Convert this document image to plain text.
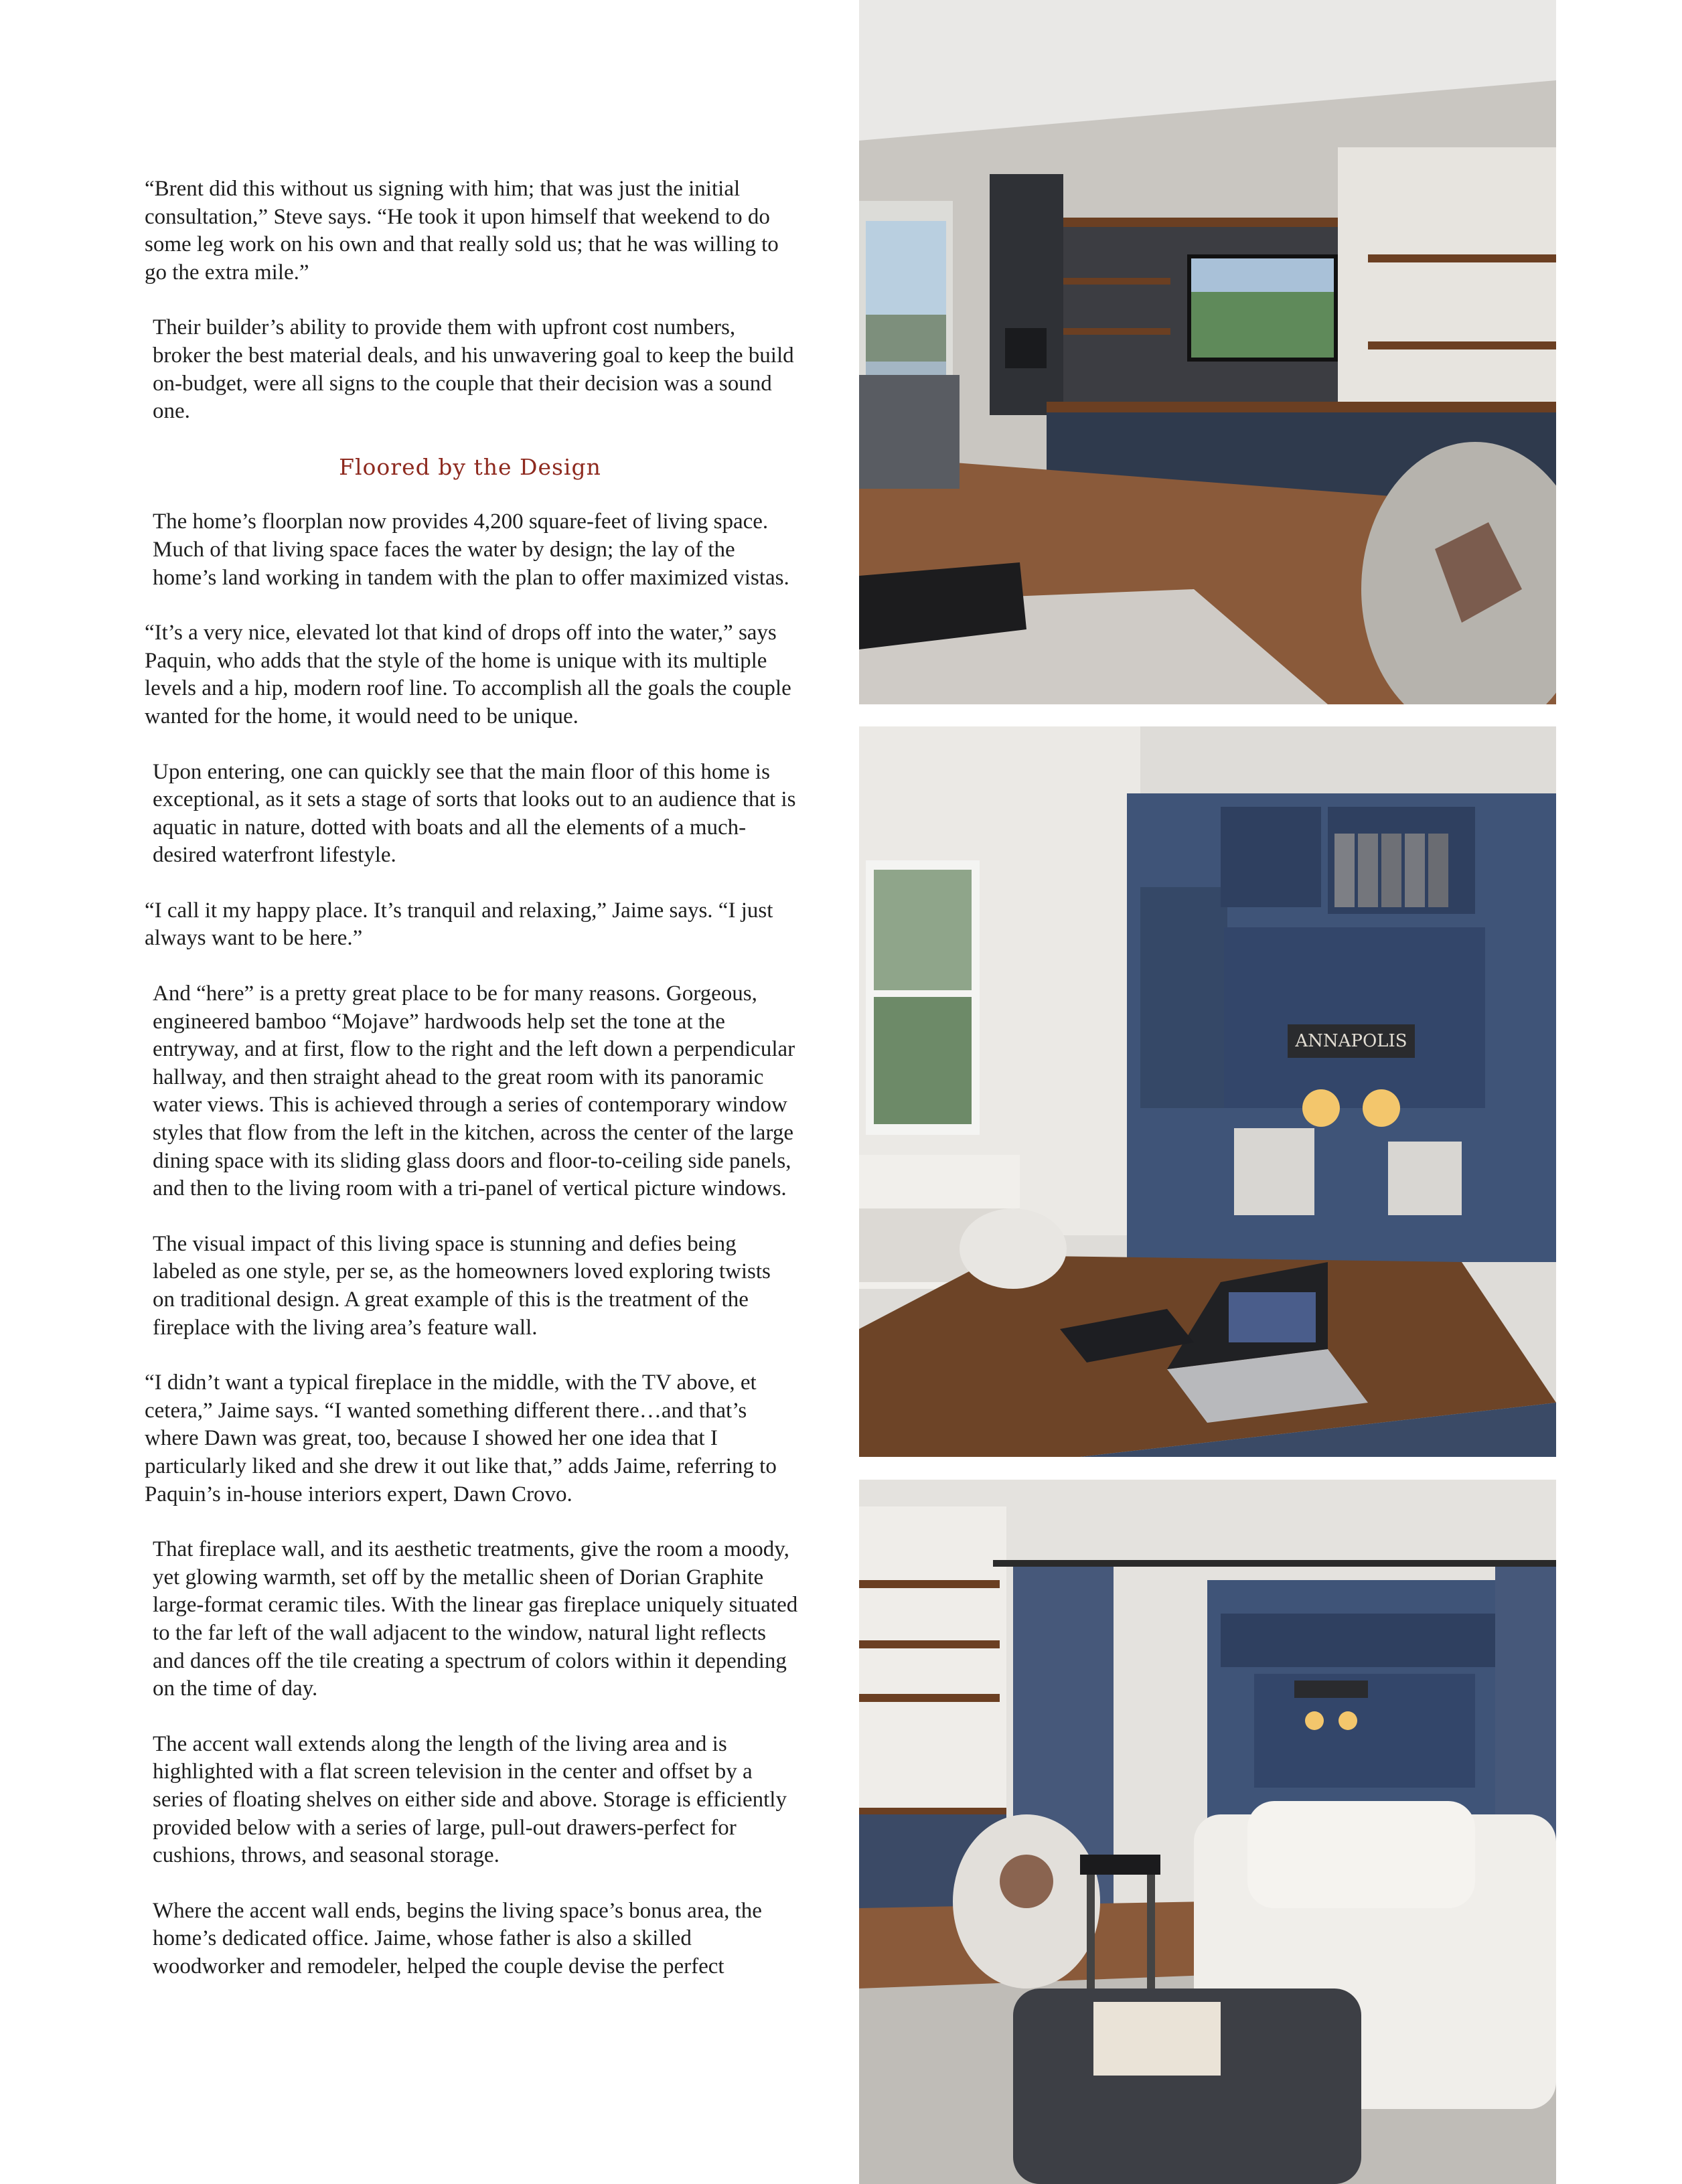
“Brent did this without us signing with him; that was just the initial consultation,” Steve says. “He took it upon himself that weekend to do some leg work on his own and that really sold us; that he was willing to go the extra mile.”

Their builder’s ability to provide them with upfront cost numbers, broker the best material deals, and his unwavering goal to keep the build on-budget, were all signs to the couple that their decision was a sound one.

Floored by the Design

The home’s floorplan now provides 4,200 square-feet of living space. Much of that living space faces the water by design; the lay of the home’s land working in tandem with the plan to offer maximized vistas.

“It’s a very nice, elevated lot that kind of drops off into the water,” says Paquin, who adds that the style of the home is unique with its multiple levels and a hip, modern roof line. To accomplish all the goals the couple wanted for the home, it would need to be unique.

Upon entering, one can quickly see that the main floor of this home is exceptional, as it sets a stage of sorts that looks out to an audience that is aquatic in nature, dotted with boats and all the elements of a much-desired waterfront lifestyle.

“I call it my happy place. It’s tranquil and relaxing,” Jaime says. “I just always want to be here.”

And “here” is a pretty great place to be for many reasons. Gorgeous, engineered bamboo “Mojave” hardwoods help set the tone at the entryway, and at first, flow to the right and the left down a perpendicular hallway, and then straight ahead to the great room with its panoramic water views. This is achieved through a series of contemporary window styles that flow from the left in the kitchen, across the center of the large dining space with its sliding glass doors and floor-to-ceiling side panels, and then to the living room with a tri-panel of vertical picture windows.

The visual impact of this living space is stunning and defies being labeled as one style, per se, as the homeowners loved exploring twists on traditional design. A great example of this is the treatment of the fireplace with the living area’s feature wall.

“I didn’t want a typical fireplace in the middle, with the TV above, et cetera,” Jaime says. “I wanted something different there…and that’s where Dawn was great, too, because I showed her one idea that I particularly liked and she drew it out like that,” adds Jaime, referring to Paquin’s in-house interiors expert, Dawn Crovo.

That fireplace wall, and its aesthetic treatments, give the room a moody, yet glowing warmth, set off by the metallic sheen of Dorian Graphite large-format ceramic tiles. With the linear gas fireplace uniquely situated to the far left of the wall adjacent to the window, natural light reflects and dances off the tile creating a spectrum of colors within it depending on the time of day.

The accent wall extends along the length of the living area and is highlighted with a flat screen television in the center and offset by a series of floating shelves on either side and above. Storage is efficiently provided below with a series of large, pull-out drawers-perfect for cushions, throws, and seasonal storage.

Where the accent wall ends, begins the living space’s bonus area, the home’s dedicated office. Jaime, whose father is also a skilled woodworker and remodeler, helped the couple devise the perfect

ANNAPOLIS
